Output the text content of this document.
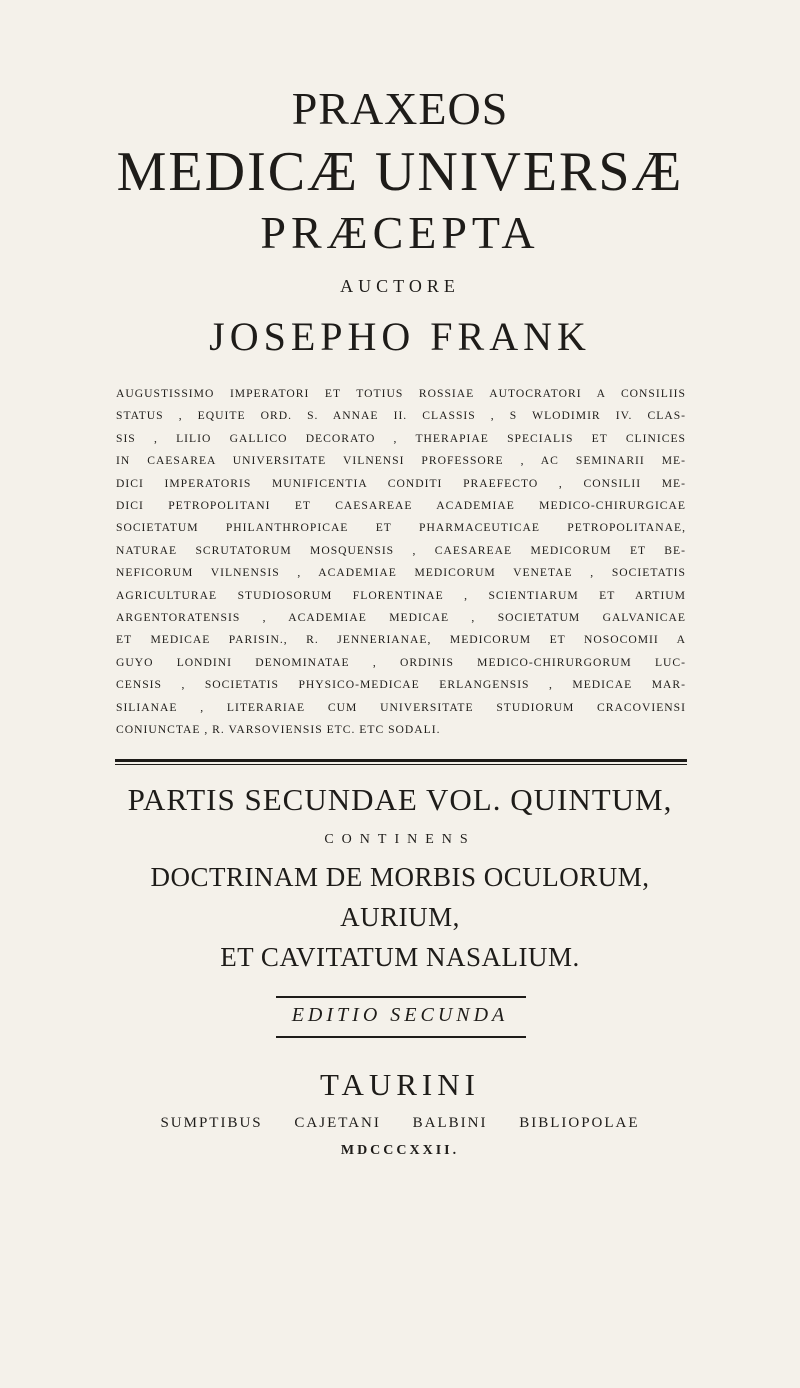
PRAXEOS
MEDICÆ UNIVERSÆ
PRÆCEPTA
AUCTORE
JOSEPHO FRANK
AUGUSTISSIMO IMPERATORI ET TOTIUS ROSSIAE AUTOCRATORI A CONSILIIS
STATUS , EQUITE ORD. S. ANNAE II. CLASSIS , S WLODIMIR IV. CLAS-
SIS , LILIO GALLICO DECORATO , THERAPIAE SPECIALIS ET CLINICES
IN CAESAREA UNIVERSITATE VILNENSI PROFESSORE , AC SEMINARII ME-
DICI IMPERATORIS MUNIFICENTIA CONDITI PRAEFECTO , CONSILII ME-
DICI PETROPOLITANI ET CAESAREAE ACADEMIAE MEDICO-CHIRURGICAE
SOCIETATUM PHILANTHROPICAE ET PHARMACEUTICAE PETROPOLITANAE,
NATURAE SCRUTATORUM MOSQUENSIS , CAESAREAE MEDICORUM ET BE-
NEFICORUM VILNENSIS , ACADEMIAE MEDICORUM VENETAE , SOCIETATIS
AGRICULTURAE STUDIOSORUM FLORENTINAE , SCIENTIARUM ET ARTIUM
ARGENTORATENSIS , ACADEMIAE MEDICAE , SOCIETATUM GALVANICAE
ET MEDICAE PARISIN., R. JENNERIANAE, MEDICORUM ET NOSOCOMII A
GUYO LONDINI DENOMINATAE , ORDINIS MEDICO-CHIRURGORUM LUC-
CENSIS , SOCIETATIS PHYSICO-MEDICAE ERLANGENSIS , MEDICAE MAR-
SILIANAE , LITERARIAE CUM UNIVERSITATE STUDIORUM CRACOVIENSI
CONIUNCTAE , R. VARSOVIENSIS ETC. ETC SODALI.
PARTIS SECUNDAE VOL. QUINTUM,
CONTINENS
DOCTRINAM DE MORBIS OCULORUM,
AURIUM,
ET CAVITATUM NASALIUM.
EDITIO SECUNDA
TAURINI
SUMPTIBUS CAJETANI BALBINI BIBLIOPOLAE
MDCCCXXII.
